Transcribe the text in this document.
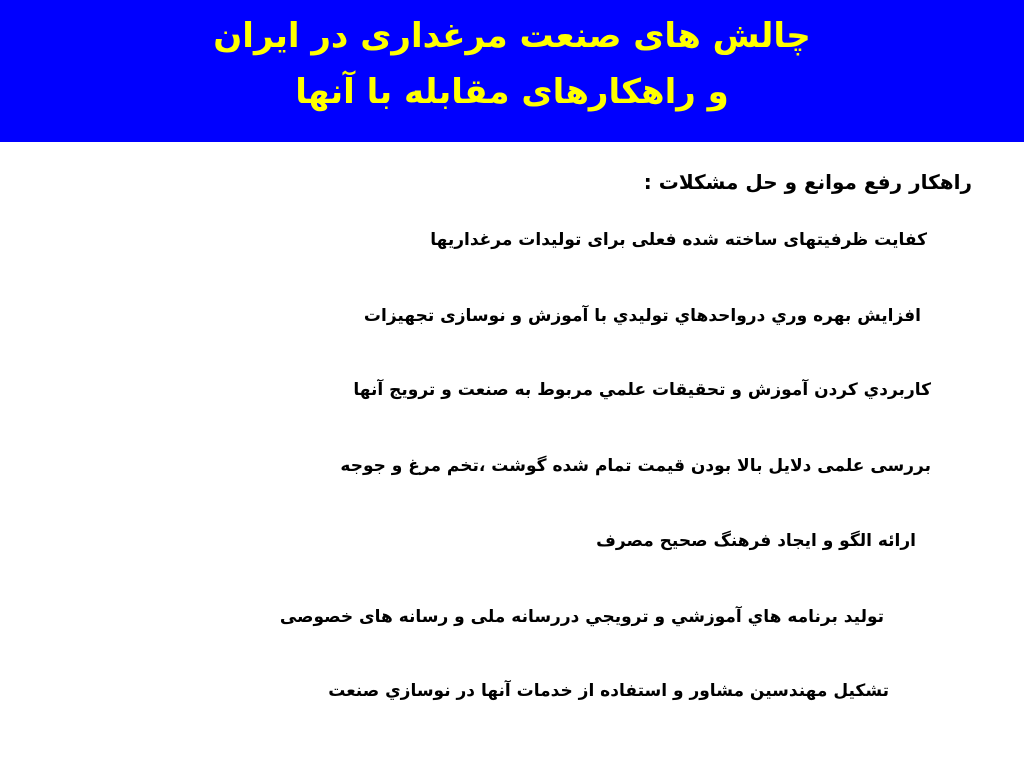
چالش های صنعت مرغداری در ایران
و راهکارهای مقابله با آنها
راهکار رفع موانع و حل مشکلات :
کفایت ظرفیتهای ساخته شده فعلی برای تولیدات مرغداریها
افزایش بهره وري درواحدهاي توليدي با آموزش و نوسازی تجهیزات
کاربردي کردن آموزش و تحقيقات علمي مربوط به صنعت و ترویج آنها
بررسی علمی دلایل بالا بودن قیمت تمام شده گوشت ،تخم مرغ و جوجه
ارائه الگو و ایجاد فرهنگ صحیح مصرف
توليد برنامه هاي آموزشي و ترويجي دررسانه ملی و رسانه های خصوصی
تشکیل مهندسین مشاور و استفاده از خدمات آنها در نوسازي صنعت
